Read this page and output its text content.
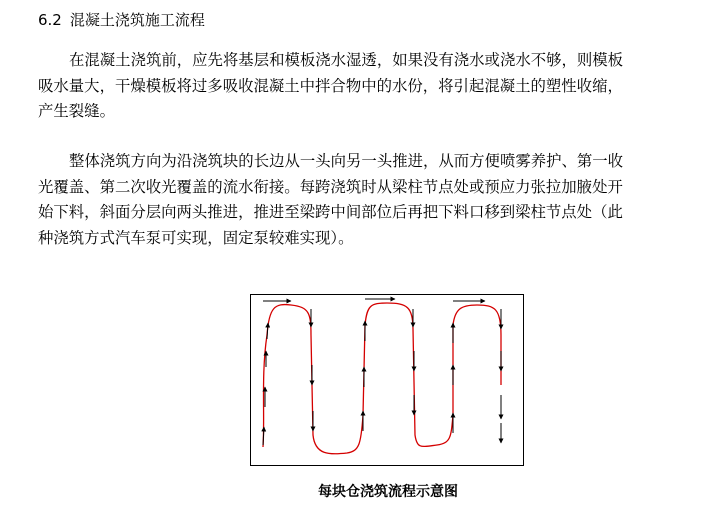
6.2 混凝土浇筑施工流程
在混凝土浇筑前，应先将基层和模板浇水湿透，如果没有浇水或浇水不够，则模板
吸水量大，干燥模板将过多吸收混凝土中拌合物中的水份，将引起混凝土的塑性收缩，
产生裂缝。
整体浇筑方向为沿浇筑块的长边从一头向另一头推进，从而方便喷雾养护、第一收
光覆盖、第二次收光覆盖的流水衔接。每跨浇筑时从梁柱节点处或预应力张拉加腋处开
始下料，斜面分层向两头推进，推进至梁跨中间部位后再把下料口移到梁柱节点处（此
种浇筑方式汽车泵可实现，固定泵较难实现）。
每块仓浇筑流程示意图
